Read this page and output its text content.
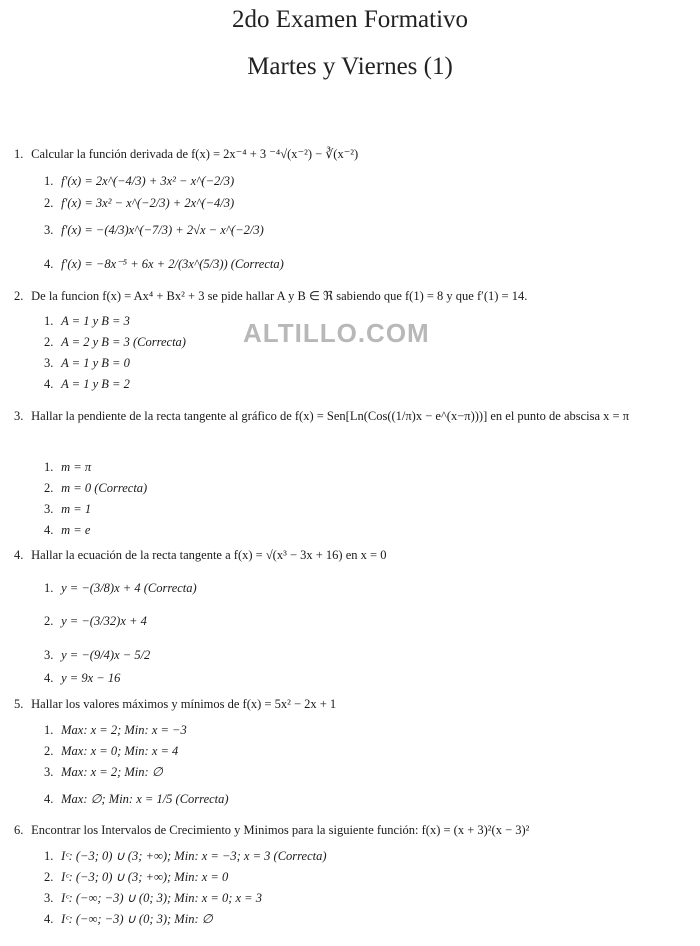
2do Examen Formativo
Martes y Viernes (1)
ALTILLO.COM
1. Calcular la función derivada de f(x) = 2x⁻⁴ + 3 ⁻⁴√(x⁻²) − ∛(x⁻²)
1. f′(x) = 2x^(−4/3) + 3x² − x^(−2/3)
2. f′(x) = 3x² − x^(−2/3) + 2x^(−4/3)
3. f′(x) = −(4/3)x^(−7/3) + 2√x − x^(−2/3)
4. f′(x) = −8x⁻⁵ + 6x + 2/(3x^(5/3)) (Correcta)
2. De la funcion f(x) = Ax⁴ + Bx² + 3 se pide hallar A y B ∈ ℜ sabiendo que f(1) = 8 y que f′(1) = 14.
1. A = 1 y B = 3
2. A = 2 y B = 3 (Correcta)
3. A = 1 y B = 0
4. A = 1 y B = 2
3. Hallar la pendiente de la recta tangente al gráfico de f(x) = Sen[Ln(Cos((1/π)x − e^(x−π)))] en el punto de abscisa x = π
1. m = π
2. m = 0 (Correcta)
3. m = 1
4. m = e
4. Hallar la ecuación de la recta tangente a f(x) = √(x³ − 3x + 16) en x = 0
1. y = −(3/8)x + 4 (Correcta)
2. y = −(3/32)x + 4
3. y = −(9/4)x − 5/2
4. y = 9x − 16
5. Hallar los valores máximos y mínimos de f(x) = 5x² − 2x + 1
1. Max: x = 2; Min: x = −3
2. Max: x = 0; Min: x = 4
3. Max: x = 2; Min: ∅
4. Max: ∅; Min: x = 1/5 (Correcta)
6. Encontrar los Intervalos de Crecimiento y Minimos para la siguiente función: f(x) = (x + 3)²(x − 3)²
1. Iᶜ: (−3; 0) ∪ (3; +∞); Min: x = −3; x = 3 (Correcta)
2. Iᶜ: (−3; 0) ∪ (3; +∞); Min: x = 0
3. Iᶜ: (−∞; −3) ∪ (0; 3); Min: x = 0; x = 3
4. Iᶜ: (−∞; −3) ∪ (0; 3); Min: ∅
